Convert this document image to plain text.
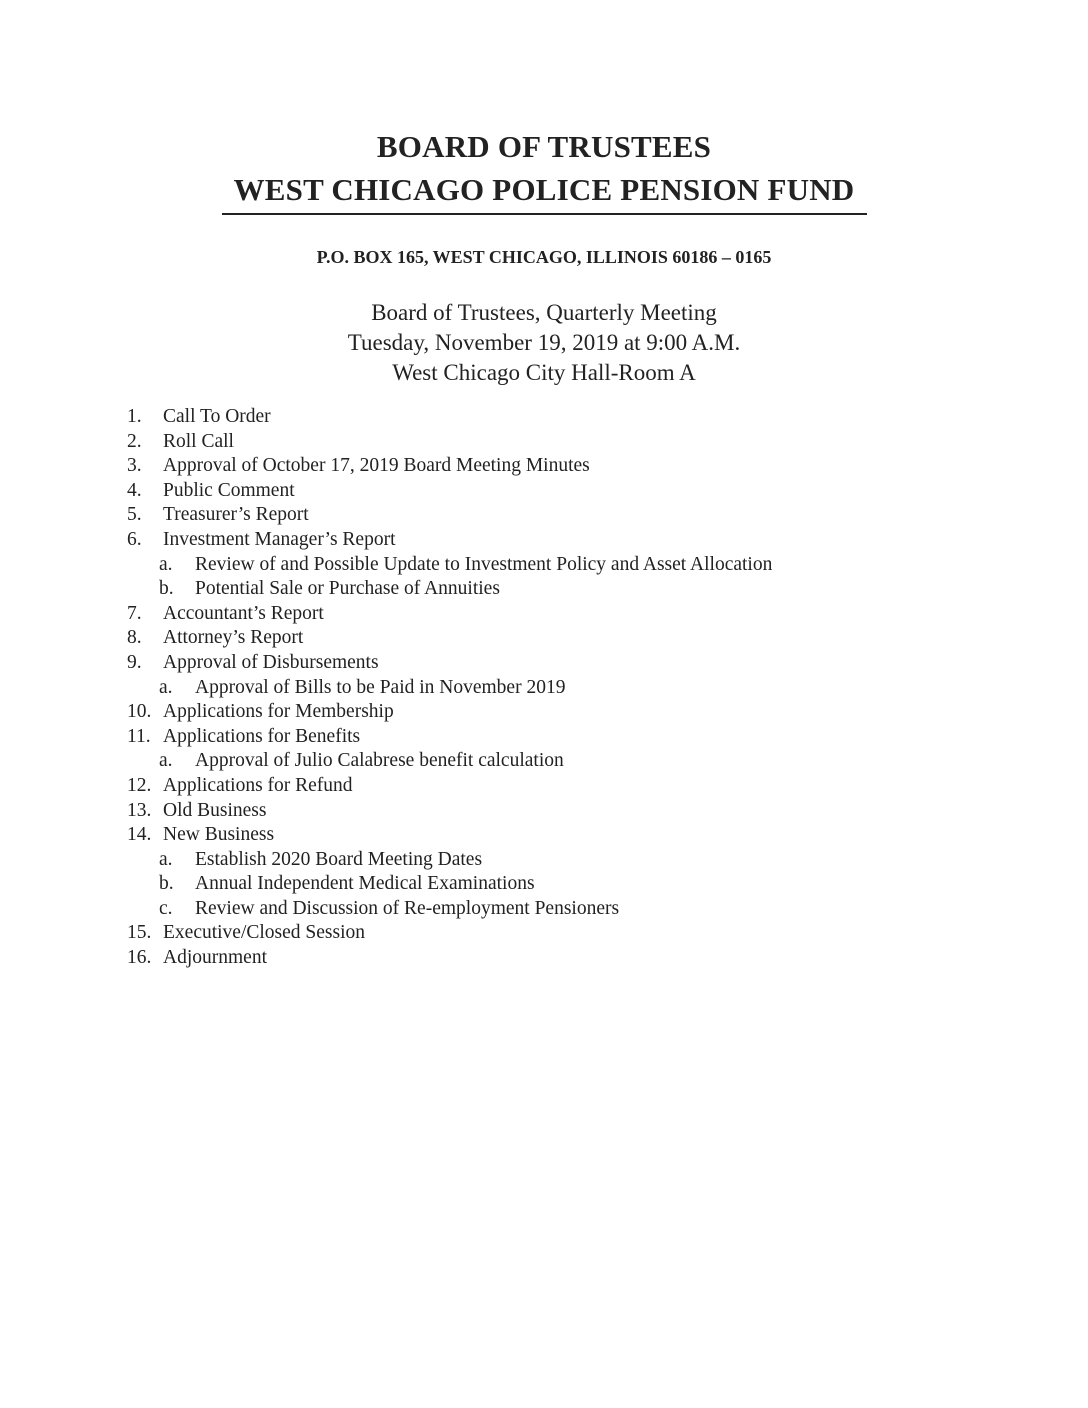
BOARD OF TRUSTEES
WEST CHICAGO POLICE PENSION FUND
P.O. BOX 165, WEST CHICAGO, ILLINOIS 60186 – 0165
Board of Trustees, Quarterly Meeting
Tuesday, November 19, 2019 at 9:00 A.M.
West Chicago City Hall-Room A
1.	Call To Order
2.	Roll Call
3.	Approval of October 17, 2019 Board Meeting Minutes
4.	Public Comment
5.	Treasurer’s Report
6.	Investment Manager’s Report
a.	Review of and Possible Update to Investment Policy and Asset Allocation
b.	Potential Sale or Purchase of Annuities
7.	Accountant’s Report
8.	Attorney’s Report
9.	Approval of Disbursements
a.	Approval of Bills to be Paid in November 2019
10. Applications for Membership
11. Applications for Benefits
a.	Approval of Julio Calabrese benefit calculation
12. Applications for Refund
13. Old Business
14. New Business
a.	Establish 2020 Board Meeting Dates
b.	Annual Independent Medical Examinations
c.	Review and Discussion of Re-employment Pensioners
15. Executive/Closed Session
16. Adjournment
